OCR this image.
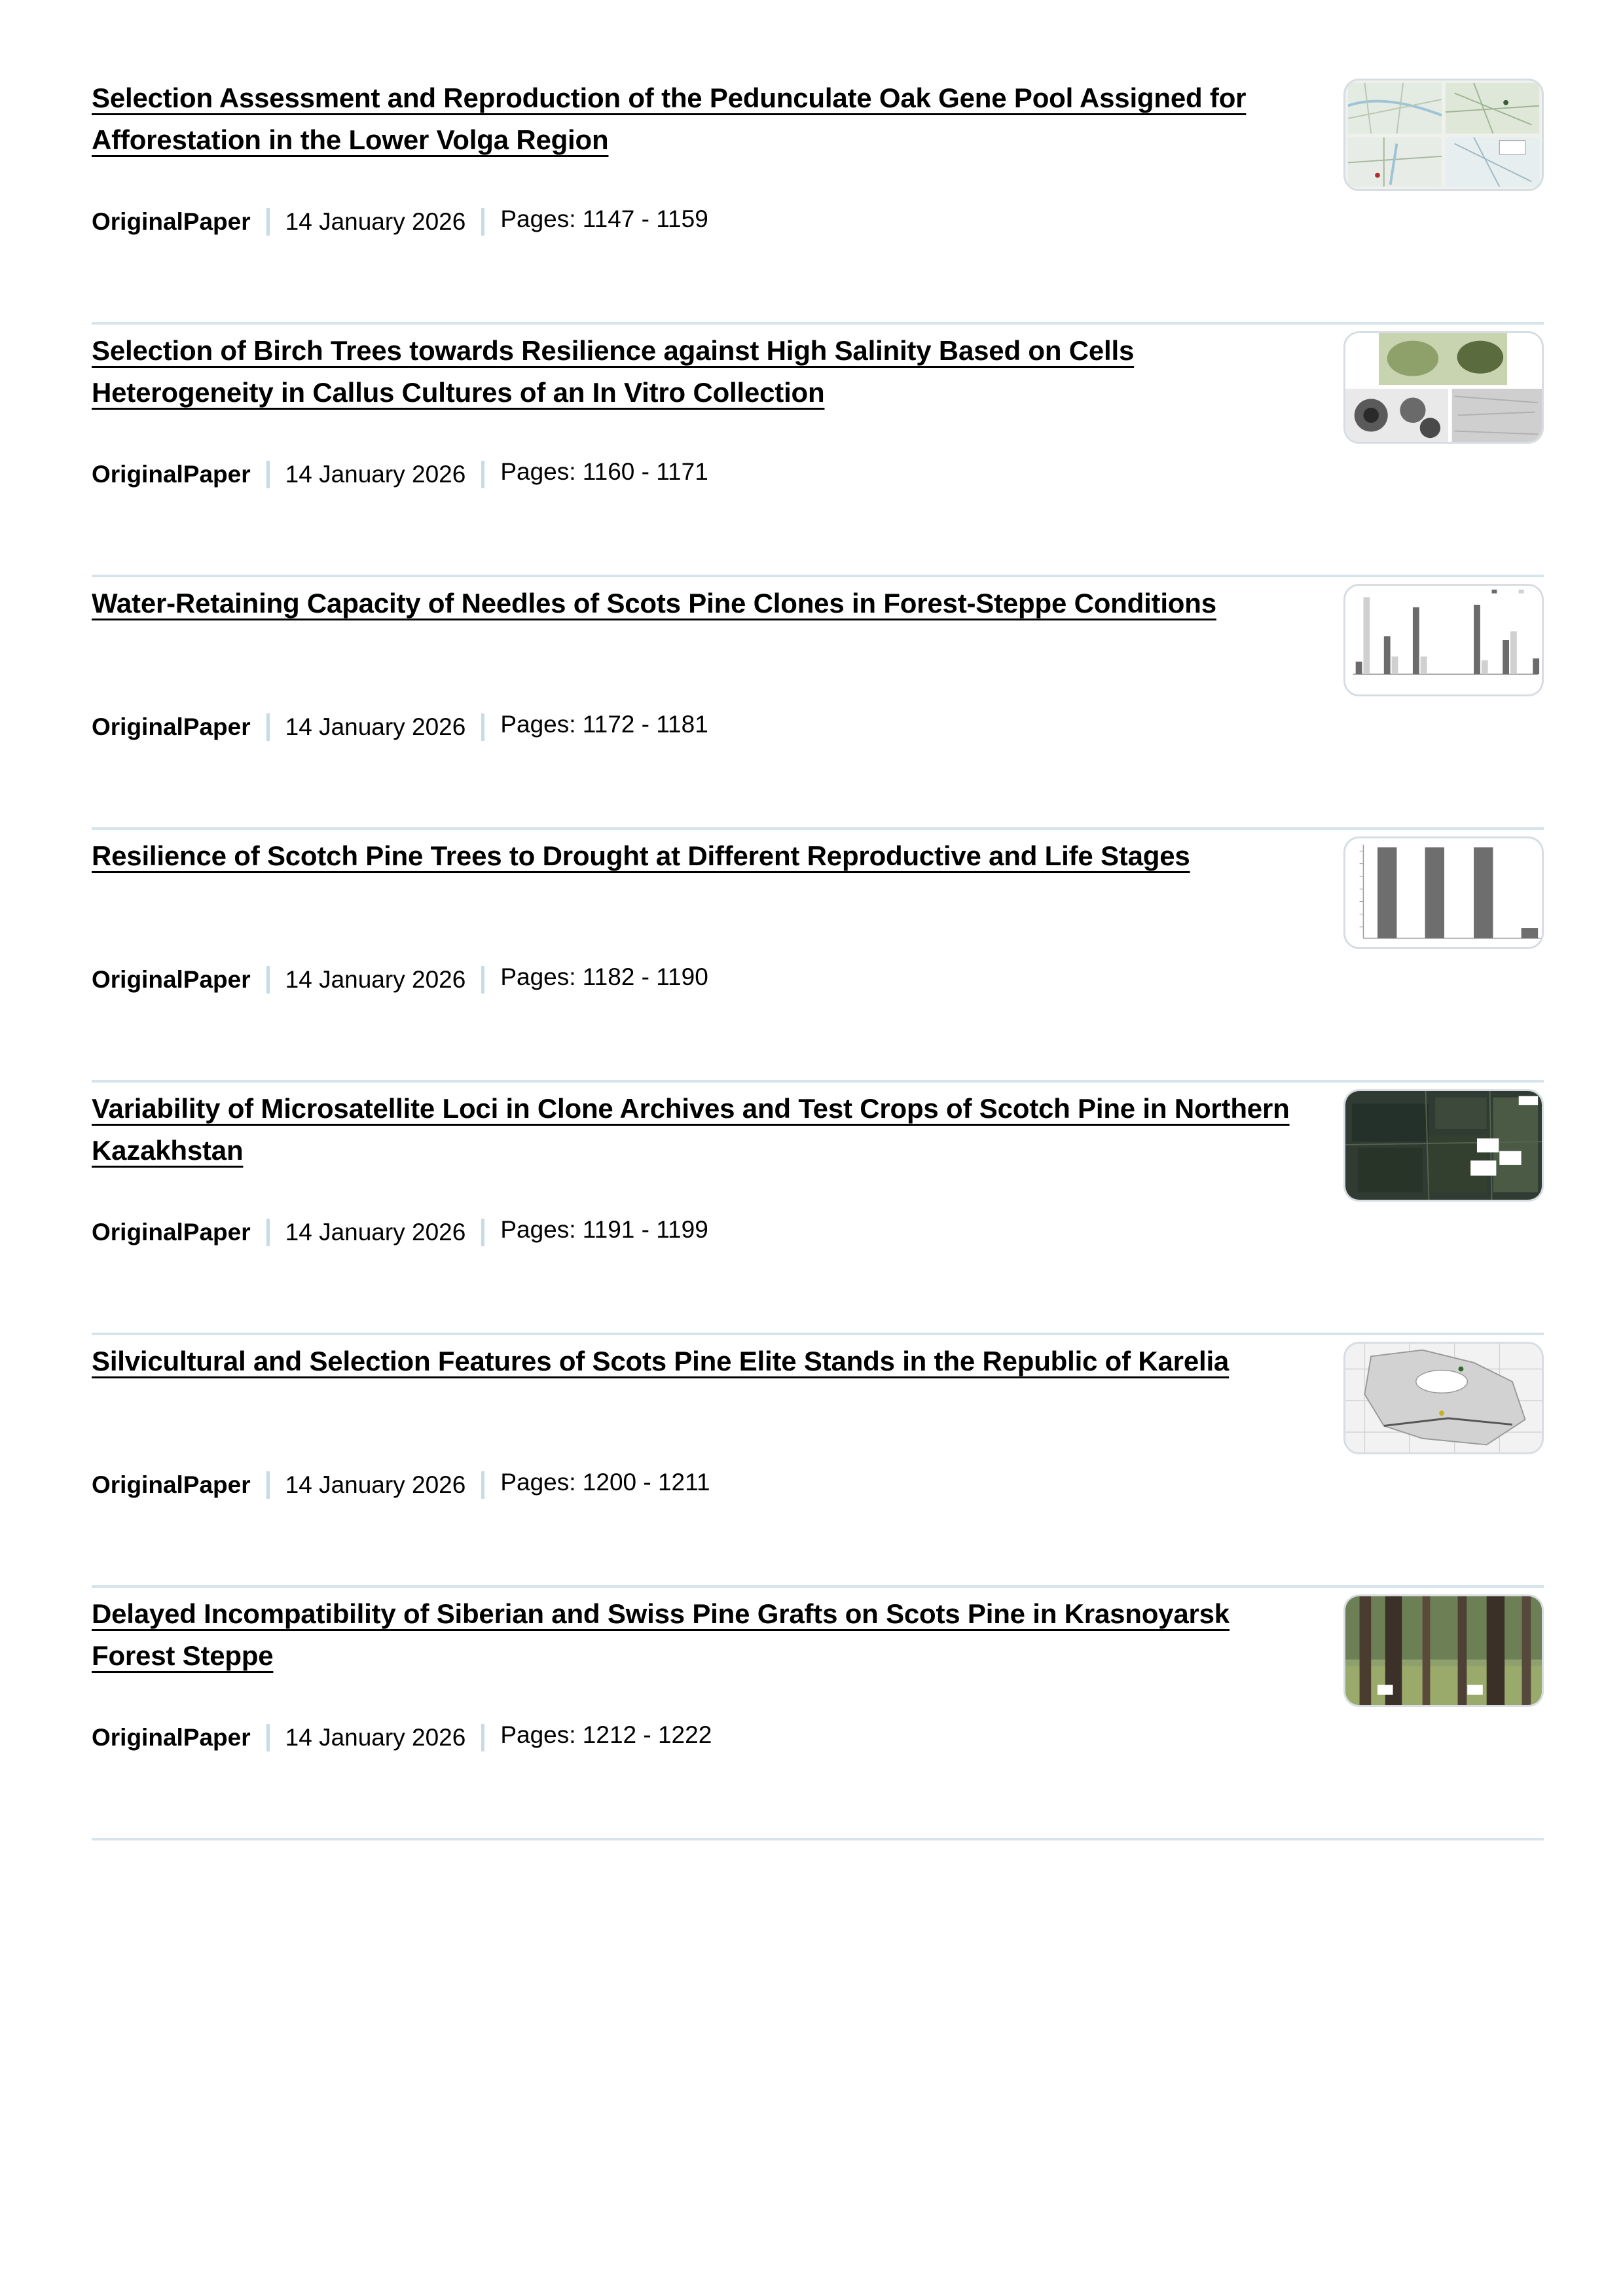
Selection Assessment and Reproduction of the Pedunculate Oak Gene Pool Assigned for Afforestation in the Lower Volga Region
OriginalPaper 14 January 2026 Pages: 1147 - 1159
Selection of Birch Trees towards Resilience against High Salinity Based on Cells Heterogeneity in Callus Cultures of an In Vitro Collection
OriginalPaper 14 January 2026 Pages: 1160 - 1171
Water-Retaining Capacity of Needles of Scots Pine Clones in Forest-Steppe Conditions
OriginalPaper 14 January 2026 Pages: 1172 - 1181
Resilience of Scotch Pine Trees to Drought at Different Reproductive and Life Stages
OriginalPaper 14 January 2026 Pages: 1182 - 1190
Variability of Microsatellite Loci in Clone Archives and Test Crops of Scotch Pine in Northern Kazakhstan
OriginalPaper 14 January 2026 Pages: 1191 - 1199
Silvicultural and Selection Features of Scots Pine Elite Stands in the Republic of Karelia
OriginalPaper 14 January 2026 Pages: 1200 - 1211
Delayed Incompatibility of Siberian and Swiss Pine Grafts on Scots Pine in Krasnoyarsk Forest Steppe
OriginalPaper 14 January 2026 Pages: 1212 - 1222
